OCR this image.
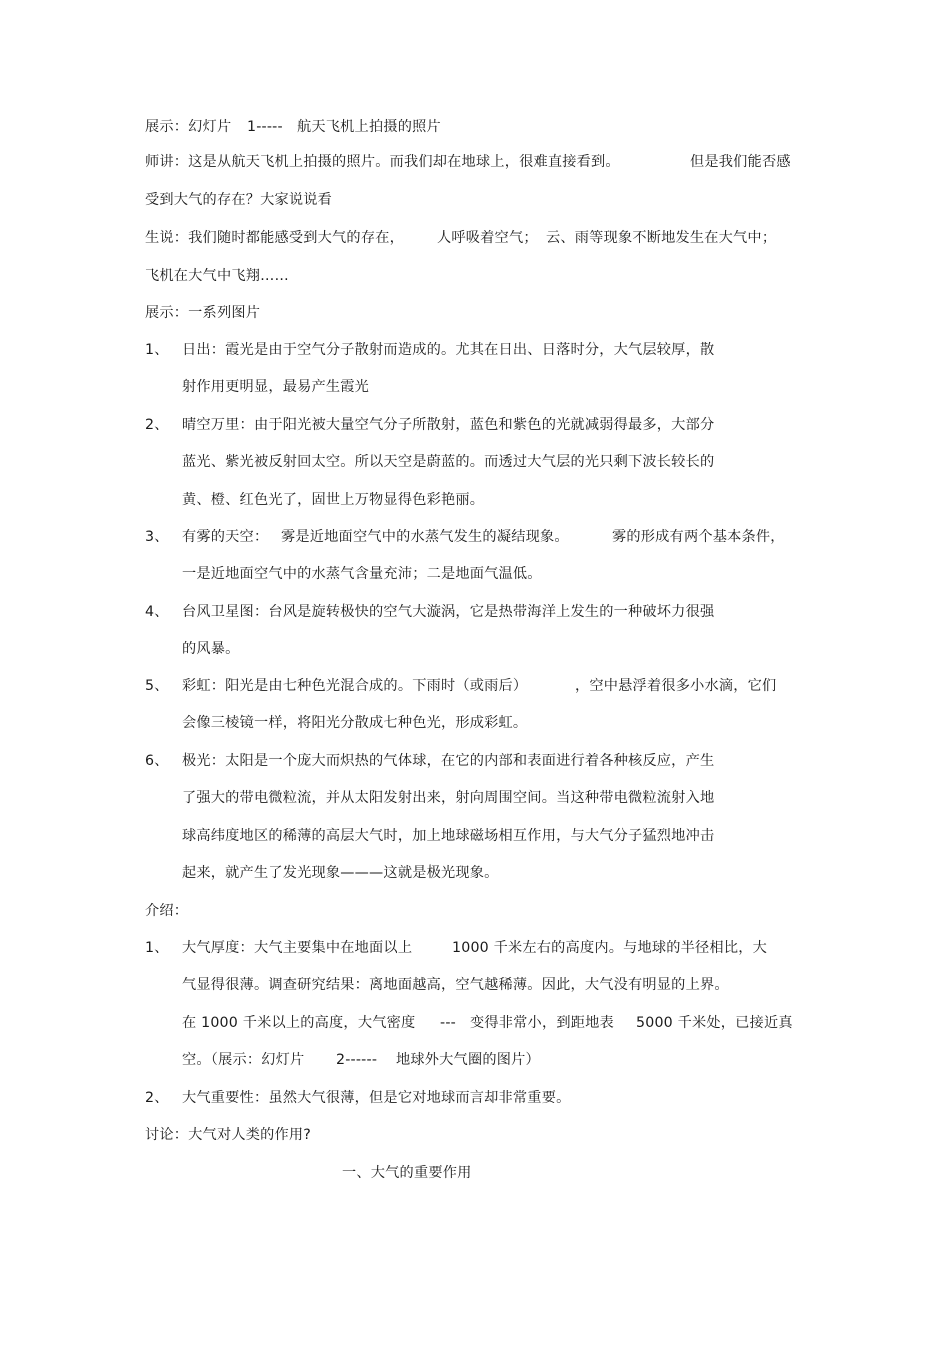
展示：幻灯片 1----- 航天飞机上拍摄的照片
师讲：这是从航天飞机上拍摄的照片。而我们却在地球上，很难直接看到。	但是我们能否感
受到大气的存在？大家说说看
生说：我们随时都能感受到大气的存在， 人呼吸着空气； 云、雨等现象不断地发生在大气中；
飞机在大气中飞翔……
展示：一系列图片
1、 日出：霞光是由于空气分子散射而造成的。尤其在日出、日落时分，大气层较厚，散
射作用更明显，最易产生霞光
2、 晴空万里：由于阳光被大量空气分子所散射，蓝色和紫色的光就减弱得最多，大部分
蓝光、紫光被反射回太空。所以天空是蔚蓝的。而透过大气层的光只剩下波长较长的
黄、橙、红色光了，固世上万物显得色彩艳丽。
3、 有雾的天空： 雾是近地面空气中的水蒸气发生的凝结现象。	雾的形成有两个基本条件，
一是近地面空气中的水蒸气含量充沛；二是地面气温低。
4、 台风卫星图：台风是旋转极快的空气大漩涡，它是热带海洋上发生的一种破坏力很强
的风暴。
5、 彩虹：阳光是由七种色光混合成的。下雨时（或雨后）	，空中悬浮着很多小水滴，它们
会像三棱镜一样，将阳光分散成七种色光，形成彩虹。
6、 极光：太阳是一个庞大而炽热的气体球，在它的内部和表面进行着各种核反应，产生
了强大的带电微粒流，并从太阳发射出来，射向周围空间。当这种带电微粒流射入地
球高纬度地区的稀薄的高层大气时，加上地球磁场相互作用，与大气分子猛烈地冲击
起来，就产生了发光现象———这就是极光现象。
介绍：
1、 大气厚度：大气主要集中在地面以上	1000 千米左右的高度内。与地球的半径相比，大
气显得很薄。调查研究结果：离地面越高，空气越稀薄。因此，大气没有明显的上界。
在 1000 千米以上的高度，大气密度 --- 变得非常小，到距地表 5000 千米处，已接近真
空。（展示：幻灯片 2------ 地球外大气圈的图片）
2、 大气重要性：虽然大气很薄，但是它对地球而言却非常重要。
讨论：大气对人类的作用?
一、大气的重要作用
